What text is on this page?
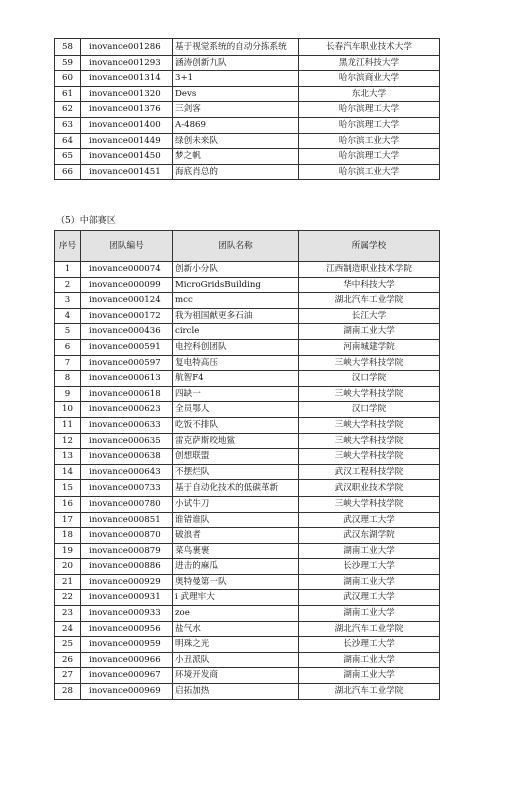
58	inovance001286	基于视觉系统的自动分拣系统	长春汽车职业技术大学
59	inovance001293	涵涛创新九队	黑龙江科技大学
60	inovance001314	3+1	哈尔滨商业大学
61	inovance001320	Devs	东北大学
62	inovance001376	三剑客	哈尔滨理工大学
63	inovance001400	A-4869	哈尔滨理工大学
64	inovance001449	绿创未来队	哈尔滨工业大学
65	inovance001450	梦之帆	哈尔滨理工大学
66	inovance001451	海底肖总的	哈尔滨工业大学
（5）中部赛区
序号	团队编号	团队名称	所属学校
1	inovance000074	创新小分队	江西制造职业技术学院
2	inovance000099	MicroGridsBuilding	华中科技大学
3	inovance000124	mcc	湖北汽车工业学院
4	inovance000172	我为祖国献更多石油	长江大学
5	inovance000436	circle	湖南工业大学
6	inovance000591	电控科创团队	河南城建学院
7	inovance000597	复电特高压	三峡大学科技学院
8	inovance000613	航智F4	汉口学院
9	inovance000618	四缺一	三峡大学科技学院
10	inovance000623	全员鄂人	汉口学院
11	inovance000633	吃饭不排队	三峡大学科技学院
12	inovance000635	雷克萨斯咬地鲨	三峡大学科技学院
13	inovance000638	创想联盟	三峡大学科技学院
14	inovance000643	不摆烂队	武汉工程科技学院
15	inovance000733	基于自动化技术的低碳革新	武汉职业技术学院
16	inovance000780	小试牛刀	三峡大学科技学院
17	inovance000851	谁错谁队	武汉理工大学
18	inovance000870	破浪者	武汉东湖学院
19	inovance000879	菜鸟裹裹	湖南工业大学
20	inovance000886	进击的麻瓜	长沙理工大学
21	inovance000929	奥特曼第一队	湖南工业大学
22	inovance000931	i 武理牢大	武汉理工大学
23	inovance000933	zoe	湖南工业大学
24	inovance000956	盐气水	湖北汽车工业学院
25	inovance000959	明珠之光	长沙理工大学
26	inovance000966	小丑派队	湖南工业大学
27	inovance000967	环境开发商	湖南工业大学
28	inovance000969	启拓加热	湖北汽车工业学院
